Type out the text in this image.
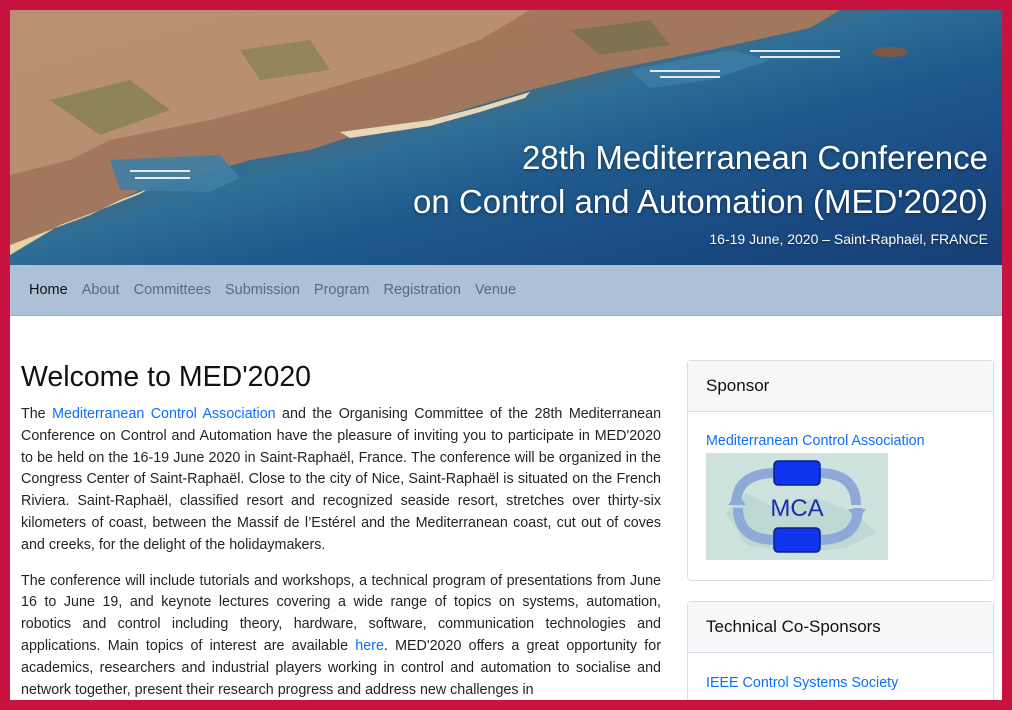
28th Mediterranean Conference
on Control and Automation (MED'2020)
16-19 June, 2020 – Saint-Raphaël, FRANCE
Home About Committees Submission Program Registration Venue
Welcome to MED'2020

The Mediterranean Control Association and the Organising Committee of the 28th Mediterranean Conference on Control and Automation have the pleasure of inviting you to participate in MED'2020 to be held on the 16-19 June 2020 in Saint-Raphaël, France. The conference will be organized in the Congress Center of Saint-Raphaël. Close to the city of Nice, Saint-Raphaël is situated on the French Riviera. Saint-Raphaël, classified resort and recognized seaside resort, stretches over thirty-six kilometers of coast, between the Massif de l’Estérel and the Mediterranean coast, cut out of coves and creeks, for the delight of the holidaymakers.

The conference will include tutorials and workshops, a technical program of presentations from June 16 to June 19, and keynote lectures covering a wide range of topics on systems, automation, robotics and control including theory, hardware, software, communication technologies and applications. Main topics of interest are available here. MED'2020 offers a great opportunity for academics, researchers and industrial players working in control and automation to socialise and network together, present their research progress and address new challenges in

Sponsor
Mediterranean Control Association
MCA
Technical Co-Sponsors
IEEE Control Systems Society
